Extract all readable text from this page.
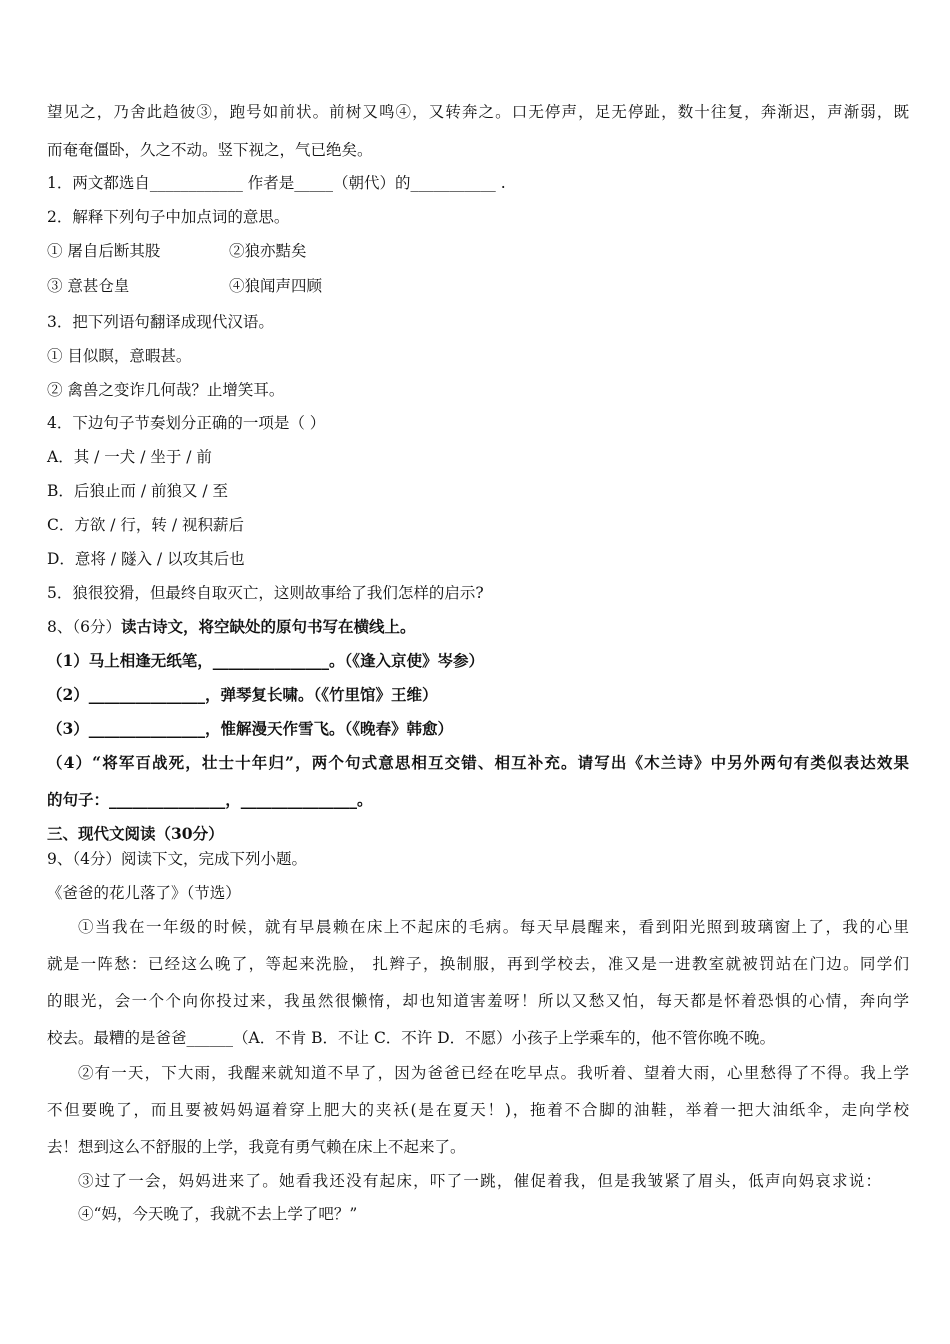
望见之，乃舍此趋彼③，跑号如前状。前树又鸣④，又转奔之。口无停声，足无停趾，数十往复，奔渐迟，声渐弱，既
而奄奄僵卧，久之不动。竖下视之，气已绝矣。
1．两文都选自____________ 作者是_____（朝代）的___________ .
2．解释下列句子中加点词的意思。
① 屠自后断其股	②狼亦黠矣
③ 意甚仓皇	④狼闻声四顾
3．把下列语句翻译成现代汉语。
① 目似瞑，意暇甚。
② 禽兽之变诈几何哉？止增笑耳。
4．下边句子节奏划分正确的一项是（ ）
A．其 / 一犬 / 坐于 / 前
B．后狼止而 / 前狼又 / 至
C．方欲 / 行，转 / 视积薪后
D．意将 / 隧入 / 以攻其后也
5．狼很狡猾，但最终自取灭亡，这则故事给了我们怎样的启示?
8、（6分）读古诗文，将空缺处的原句书写在横线上。
（1）马上相逢无纸笔，_______________。（《逢入京使》岑参）
（2）_______________，弹琴复长啸。（《竹里馆》王维）
（3）_______________，惟解漫天作雪飞。（《晚春》韩愈）
（4）“将军百战死，壮士十年归”，两个句式意思相互交错、相互补充。请写出《木兰诗》中另外两句有类似表达效果
的句子：_______________，_______________。
三、现代文阅读（30分）
9、（4分）阅读下文，完成下列小题。
《爸爸的花儿落了》（节选）
①当我在一年级的时候，就有早晨赖在床上不起床的毛病。每天早晨醒来，看到阳光照到玻璃窗上了，我的心里
就是一阵愁：已经这么晚了，等起来洗脸， 扎辫子，换制服，再到学校去，准又是一进教室就被罚站在门边。同学们
的眼光，会一个个向你投过来，我虽然很懒惰，却也知道害羞呀！所以又愁又怕，每天都是怀着恐惧的心情，奔向学
校去。最糟的是爸爸______（A．不肯 B．不让 C．不许 D．不愿）小孩子上学乘车的，他不管你晚不晚。
②有一天，下大雨，我醒来就知道不早了，因为爸爸已经在吃早点。我听着、望着大雨，心里愁得了不得。我上学
不但要晚了，而且要被妈妈逼着穿上肥大的夹袄(是在夏天！)，拖着不合脚的油鞋，举着一把大油纸伞，走向学校
去！想到这么不舒服的上学，我竟有勇气赖在床上不起来了。
③过了一会，妈妈进来了。她看我还没有起床，吓了一跳，催促着我，但是我皱紧了眉头，低声向妈哀求说：
④“妈，今天晚了，我就不去上学了吧？”
